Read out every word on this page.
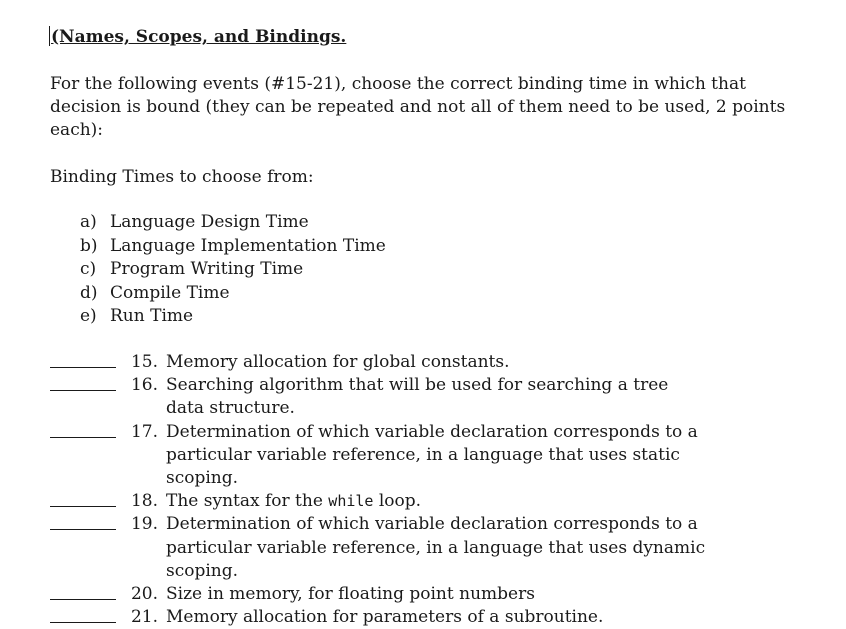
(Names, Scopes, and Bindings.
For the following events (#15-21), choose the correct binding time in which that decision is bound (they can be repeated and not all of them need to be used, 2 points each):
Binding Times to choose from:
a) Language Design Time
b) Language Implementation Time
c) Program Writing Time
d) Compile Time
e) Run Time
15. Memory allocation for global constants.
16. Searching algorithm that will be used for searching a tree data structure.
17. Determination of which variable declaration corresponds to a particular variable reference, in a language that uses static scoping.
18. The syntax for the while loop.
19. Determination of which variable declaration corresponds to a particular variable reference, in a language that uses dynamic scoping.
20. Size in memory, for floating point numbers
21. Memory allocation for parameters of a subroutine.
